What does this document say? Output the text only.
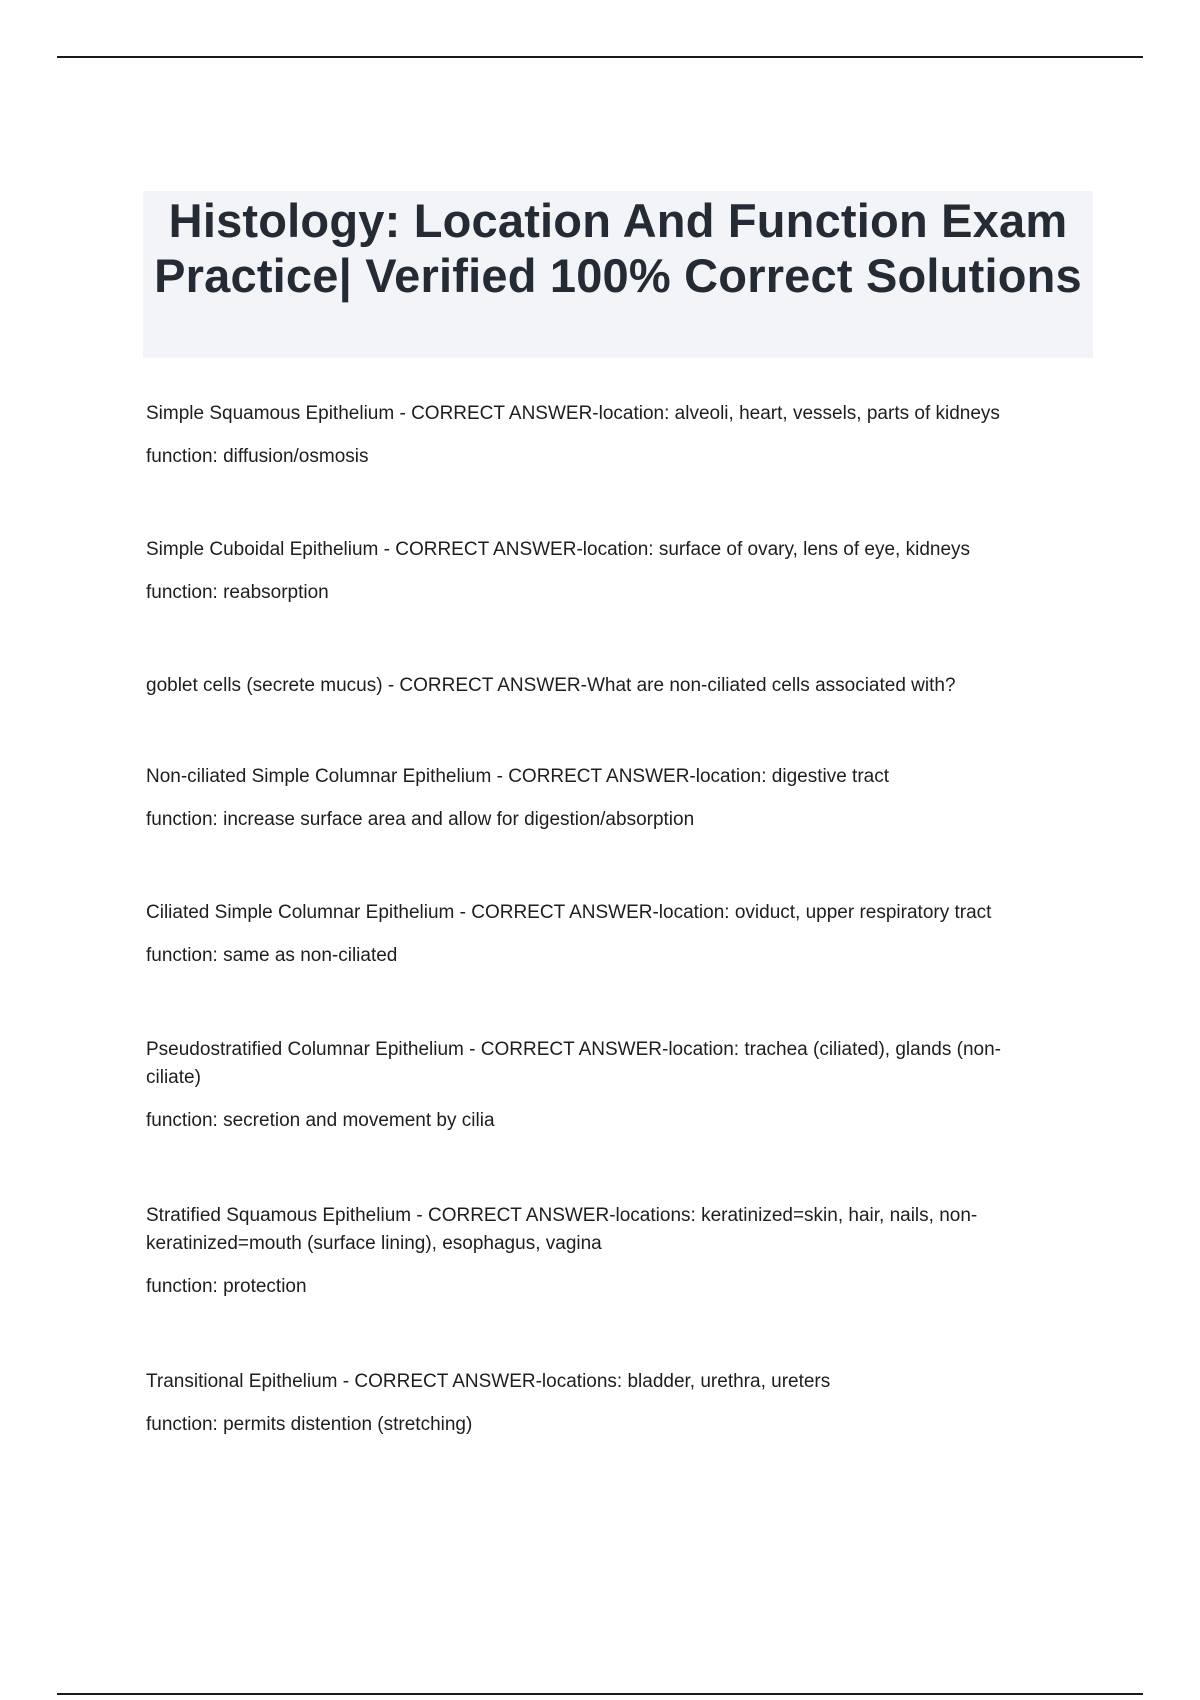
Histology: Location And Function Exam Practice| Verified 100% Correct Solutions

Simple Squamous Epithelium - CORRECT ANSWER-location: alveoli, heart, vessels, parts of kidneys

function: diffusion/osmosis

Simple Cuboidal Epithelium - CORRECT ANSWER-location: surface of ovary, lens of eye, kidneys

function: reabsorption

goblet cells (secrete mucus) - CORRECT ANSWER-What are non-ciliated cells associated with?

Non-ciliated Simple Columnar Epithelium - CORRECT ANSWER-location: digestive tract

function: increase surface area and allow for digestion/absorption

Ciliated Simple Columnar Epithelium - CORRECT ANSWER-location: oviduct, upper respiratory tract

function: same as non-ciliated

Pseudostratified Columnar Epithelium - CORRECT ANSWER-location: trachea (ciliated), glands (non-ciliate)

function: secretion and movement by cilia

Stratified Squamous Epithelium - CORRECT ANSWER-locations: keratinized=skin, hair, nails, non-keratinized=mouth (surface lining), esophagus, vagina

function: protection

Transitional Epithelium - CORRECT ANSWER-locations: bladder, urethra, ureters

function: permits distention (stretching)
